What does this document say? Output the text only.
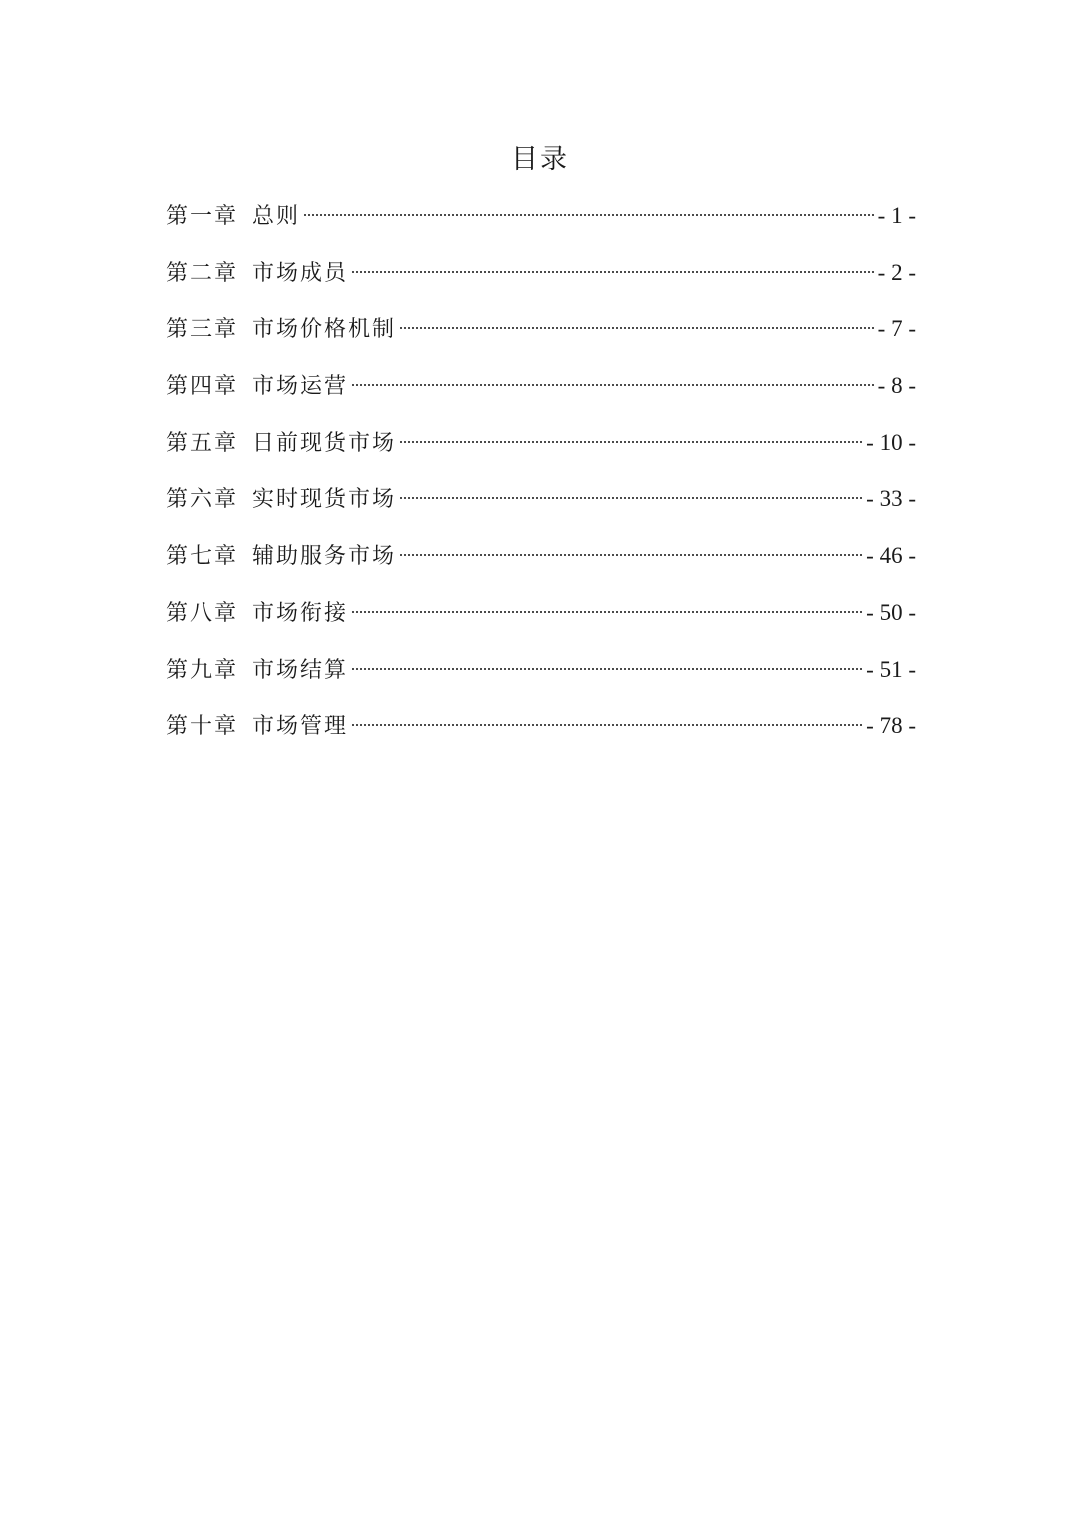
目录
第一章 总则	- 1 -
第二章 市场成员	- 2 -
第三章 市场价格机制	- 7 -
第四章 市场运营	- 8 -
第五章 日前现货市场	- 10 -
第六章 实时现货市场	- 33 -
第七章 辅助服务市场	- 46 -
第八章 市场衔接	- 50 -
第九章 市场结算	- 51 -
第十章 市场管理	- 78 -
